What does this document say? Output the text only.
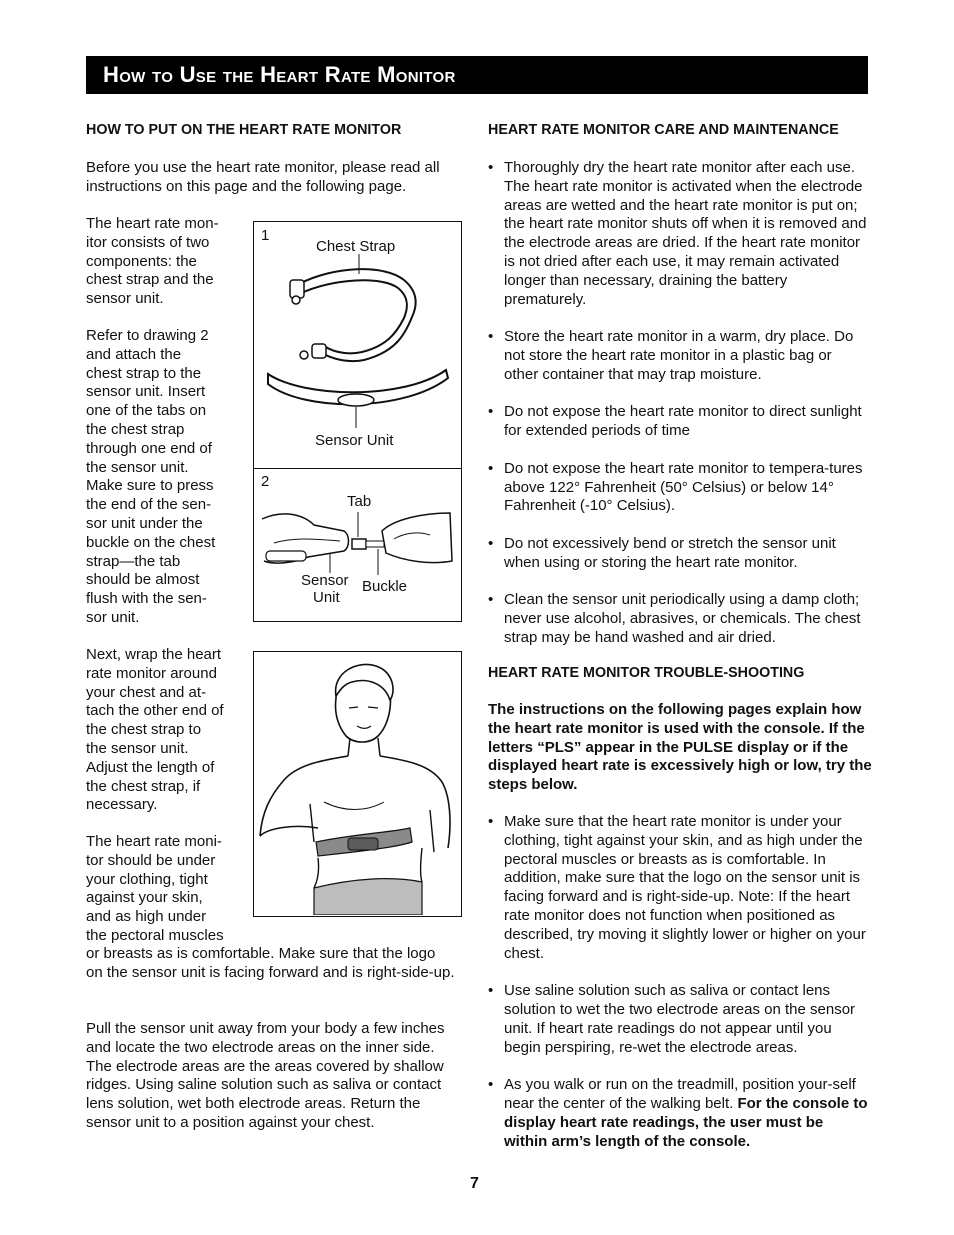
How to Use the Heart Rate Monitor
HOW TO PUT ON THE HEART RATE MONITOR

Before you use the heart rate monitor, please read all instructions on this page and the following page.

The heart rate mon-
itor consists of two
components: the
chest strap and the
sensor unit.
Refer to drawing 2
and attach the
chest strap to the
sensor unit. Insert
one of the tabs on
the chest strap
through one end of
the sensor unit.
Make sure to press
the end of the sen-
sor unit under the
buckle on the chest
strap—the tab
should be almost
flush with the sen-
sor unit.
Next, wrap the heart
rate monitor around
your chest and at-
tach the other end of
the chest strap to
the sensor unit.
Adjust the length of
the chest strap, if
necessary.
The heart rate moni-
tor should be under
your clothing, tight
against your skin,
and as high under
the pectoral muscles

or breasts as is comfortable. Make sure that the logo on the sensor unit is facing forward and is right-side-up.

Pull the sensor unit away from your body a few inches and locate the two electrode areas on the inner side. The electrode areas are the areas covered by shallow ridges. Using saline solution such as saliva or contact lens solution, wet both electrode areas. Return the sensor unit to a position against your chest.

1
Chest Strap
Sensor Unit
2
Tab
Sensor
Unit
Buckle
HEART RATE MONITOR CARE AND MAINTENANCE
• Thoroughly dry the heart rate monitor after each use. The heart rate monitor is activated when the electrode areas are wetted and the heart rate monitor is put on; the heart rate monitor shuts off when it is removed and the electrode areas are dried. If the heart rate monitor is not dried after each use, it may remain activated longer than necessary, draining the battery prematurely.
• Store the heart rate monitor in a warm, dry place. Do not store the heart rate monitor in a plastic bag or other container that may trap moisture.
• Do not expose the heart rate monitor to direct sunlight for extended periods of time
• Do not expose the heart rate monitor to tempera-tures above 122° Fahrenheit (50° Celsius) or below 14° Fahrenheit (-10° Celsius).
• Do not excessively bend or stretch the sensor unit when using or storing the heart rate monitor.
• Clean the sensor unit periodically using a damp cloth; never use alcohol, abrasives, or chemicals. The chest strap may be hand washed and air dried.
HEART RATE MONITOR TROUBLE-SHOOTING

The instructions on the following pages explain how the heart rate monitor is used with the console. If the letters “PLS” appear in the PULSE display or if the displayed heart rate is excessively high or low, try the steps below.

• Make sure that the heart rate monitor is under your clothing, tight against your skin, and as high under the pectoral muscles or breasts as is comfortable. In addition, make sure that the logo on the sensor unit is facing forward and is right-side-up. Note: If the heart rate monitor does not function when positioned as described, try moving it slightly lower or higher on your chest.
• Use saline solution such as saliva or contact lens solution to wet the two electrode areas on the sensor unit. If heart rate readings do not appear until you begin perspiring, re-wet the electrode areas.
• As you walk or run on the treadmill, position your-self near the center of the walking belt. For the console to display heart rate readings, the user must be within arm’s length of the console.
7
